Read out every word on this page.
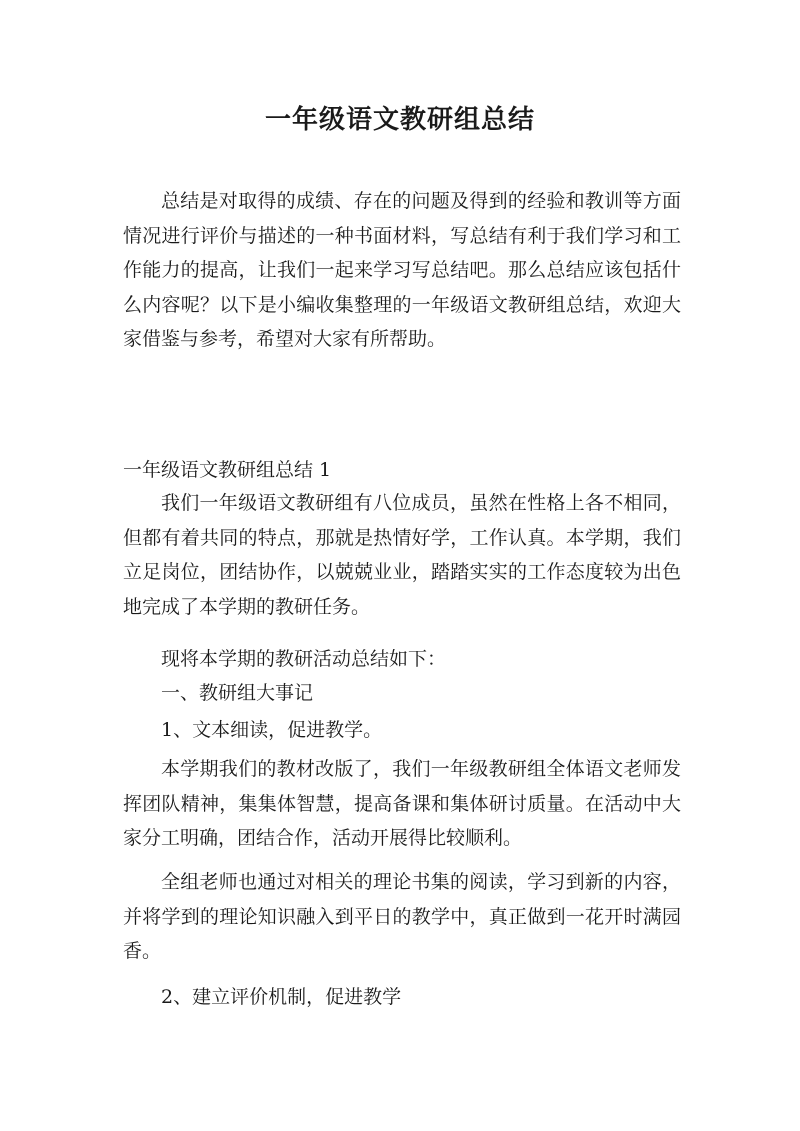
一年级语文教研组总结

总结是对取得的成绩、存在的问题及得到的经验和教训等方面情况进行评价与描述的一种书面材料，写总结有利于我们学习和工作能力的提高，让我们一起来学习写总结吧。那么总结应该包括什么内容呢？以下是小编收集整理的一年级语文教研组总结，欢迎大家借鉴与参考，希望对大家有所帮助。

一年级语文教研组总结 1

我们一年级语文教研组有八位成员，虽然在性格上各不相同，但都有着共同的特点，那就是热情好学，工作认真。本学期，我们立足岗位，团结协作，以兢兢业业，踏踏实实的工作态度较为出色地完成了本学期的教研任务。

现将本学期的教研活动总结如下：

一、教研组大事记

1、文本细读，促进教学。

本学期我们的教材改版了，我们一年级教研组全体语文老师发挥团队精神，集集体智慧，提高备课和集体研讨质量。在活动中大家分工明确，团结合作，活动开展得比较顺利。

全组老师也通过对相关的理论书集的阅读，学习到新的内容，并将学到的理论知识融入到平日的教学中，真正做到一花开时满园香。

2、建立评价机制，促进教学
